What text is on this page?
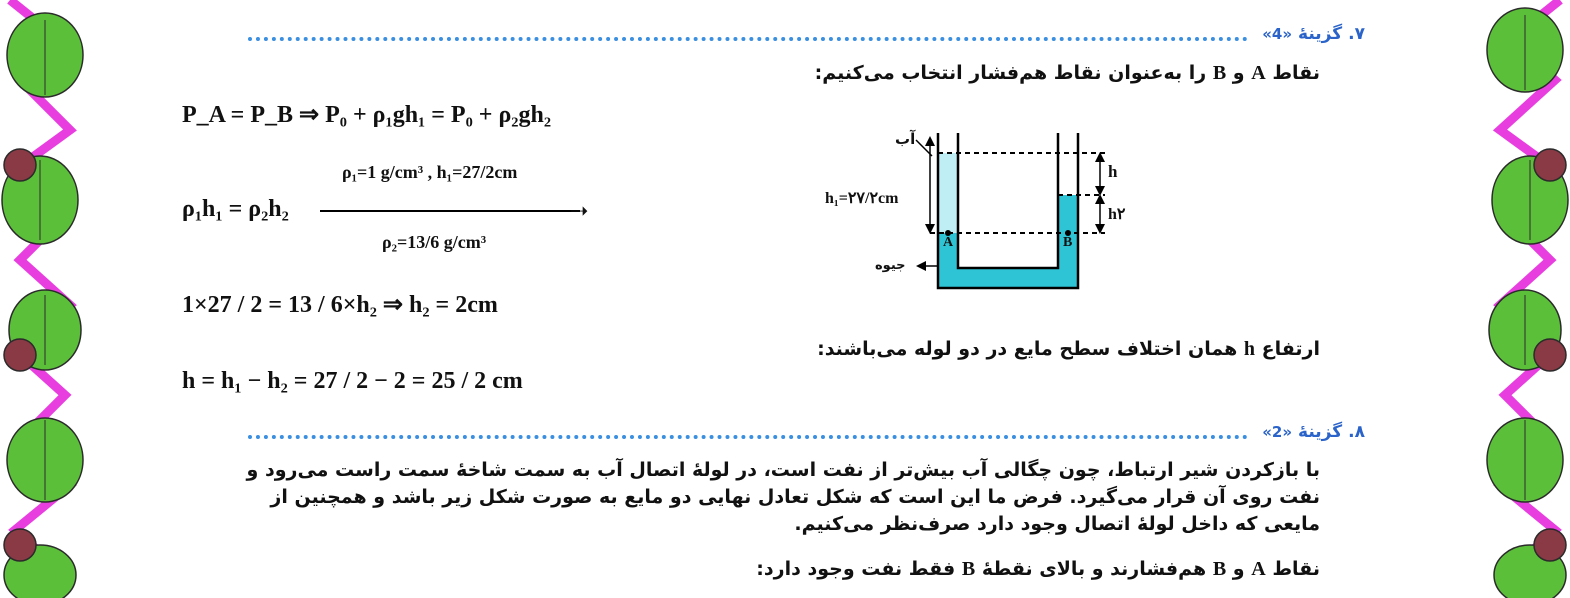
۷.
گزینهٔ
«4»
نقاط A و B را به‌عنوان نقاط هم‌فشار انتخاب می‌کنیم:
P_A = P_B ⇒ P₀ + ρ₁gh₁ = P₀ + ρ₂gh₂
ρ₁h₁ = ρ₂h₂	➝
ρ₁=1 g/cm³ , h₁=27/2cm
ρ₂=13/6 g/cm³
1×27 / 2 = 13 / 6×h₂ ⇒ h₂ = 2cm
h = h₁ − h₂ = 27 / 2 − 2 = 25 / 2 cm
آب
h₁=۲۷/۲cm
h
h۲
A	B
جیوه
ارتفاع h همان اختلاف سطح مایع در دو لوله می‌باشند:
۸.
گزینهٔ
«2»
با بازکردن شیر ارتباط، چون چگالی آب بیش‌تر از نفت است، در لولهٔ اتصال آب به سمت شاخهٔ سمت راست می‌رود و
نفت روی آن قرار می‌گیرد. فرض ما این است که شکل تعادل نهایی دو مایع به صورت شکل زیر باشد و همچنین از
مایعی که داخل لولهٔ اتصال وجود دارد صرف‌نظر می‌کنیم.
نقاط A و B هم‌فشارند و بالای نقطهٔ B فقط نفت وجود دارد:
